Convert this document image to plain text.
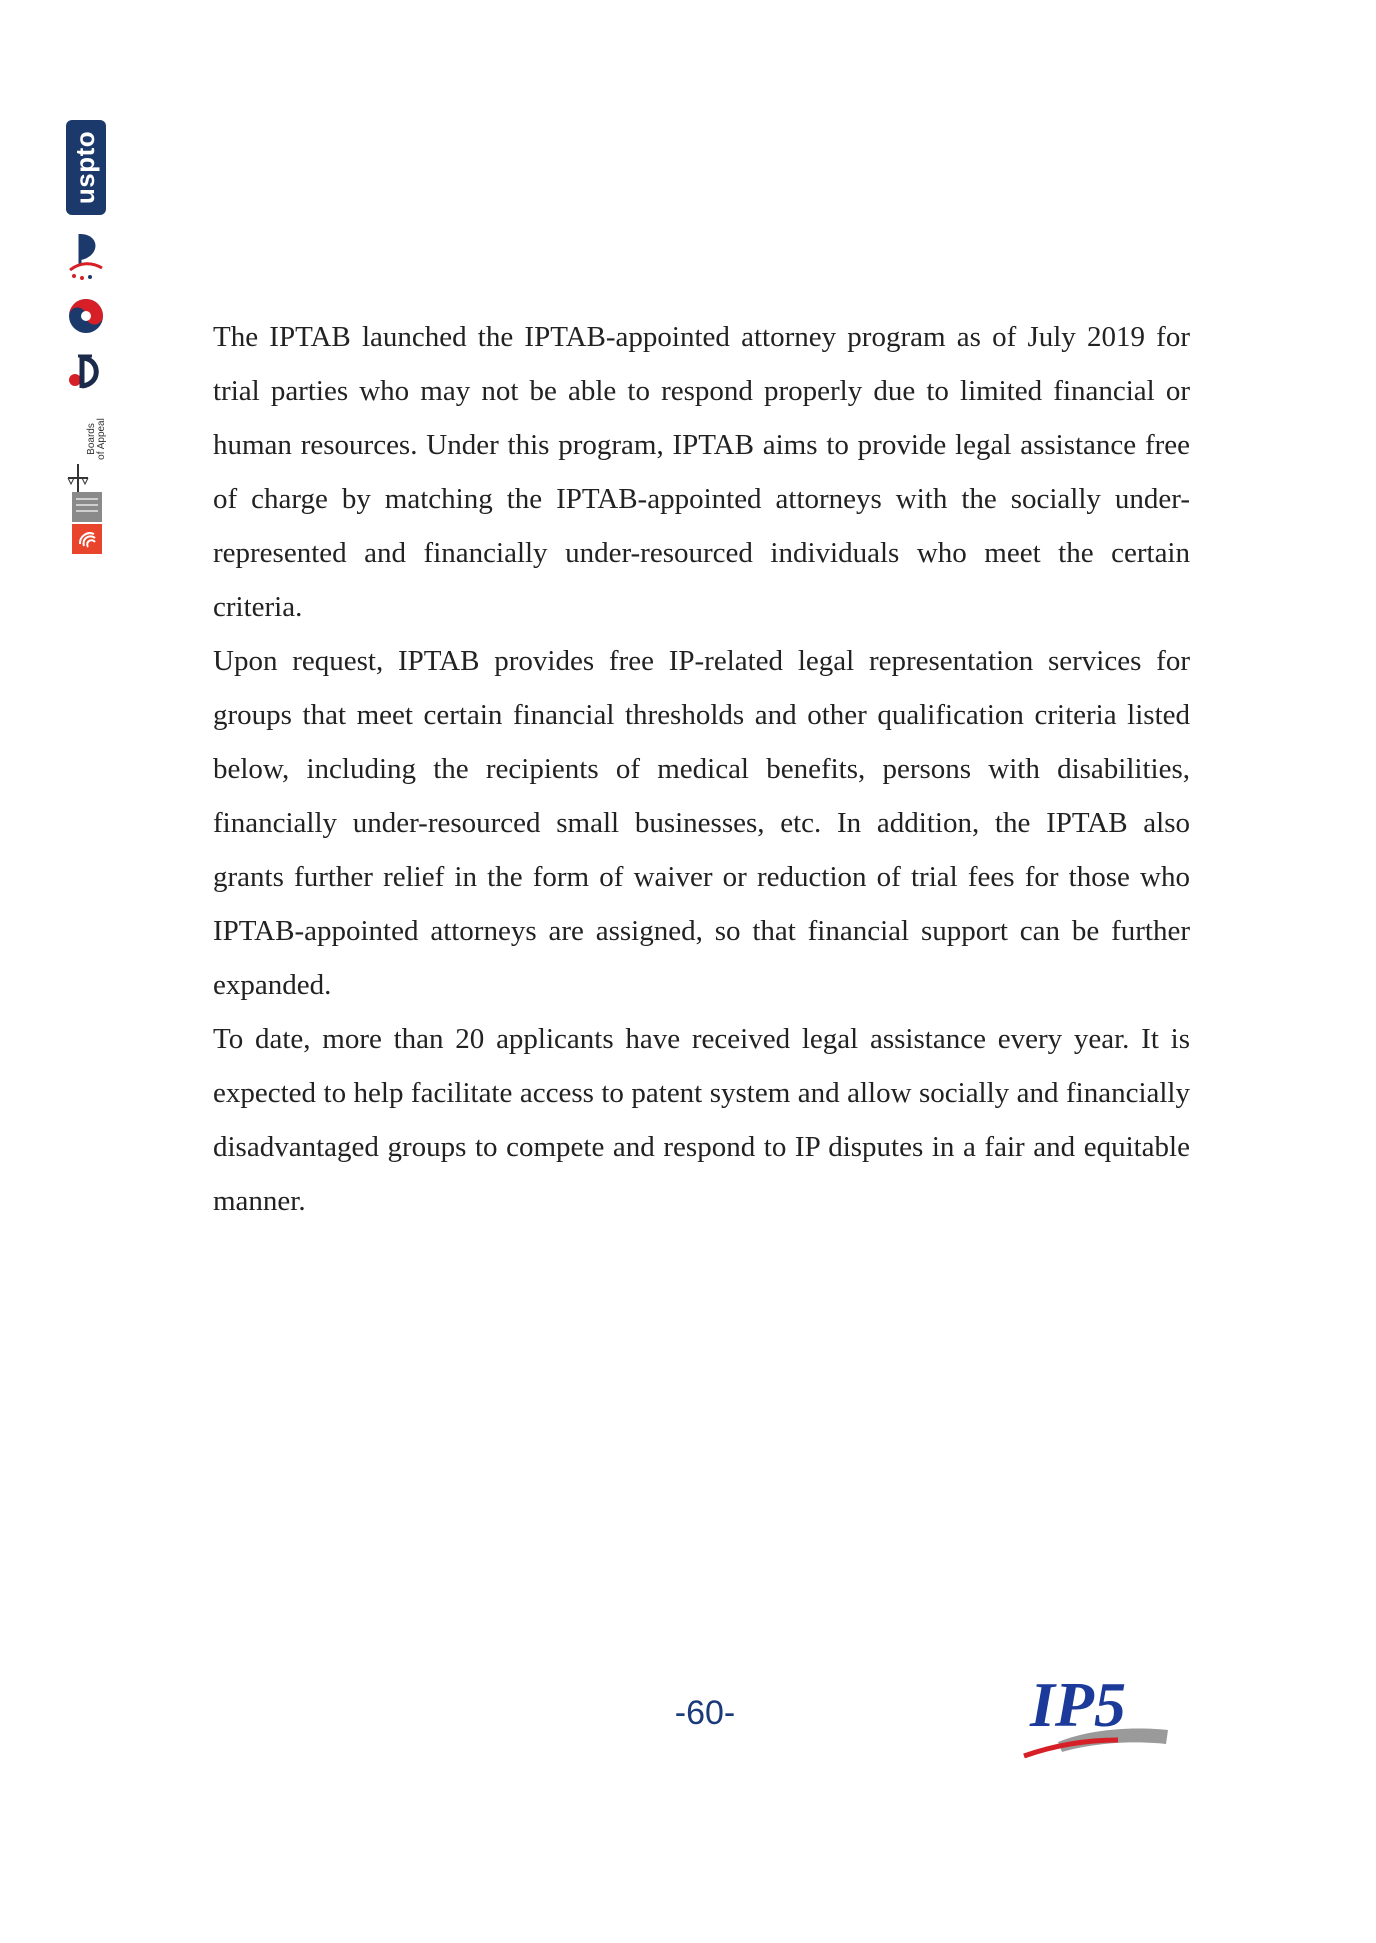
uspto
Boards of Appeal

The IPTAB launched the IPTAB-appointed attorney program as of July 2019 for trial parties who may not be able to respond properly due to limited financial or human resources. Under this program, IPTAB aims to provide legal assistance free of charge by matching the IPTAB-appointed attorneys with the socially under-represented and financially under-resourced individuals who meet the certain criteria.

Upon request, IPTAB provides free IP-related legal representation services for groups that meet certain financial thresholds and other qualification criteria listed below, including the recipients of medical benefits, persons with disabilities, financially under-resourced small businesses, etc. In addition, the IPTAB also grants further relief in the form of waiver or reduction of trial fees for those who IPTAB-appointed attorneys are assigned, so that financial support can be further expanded.

To date, more than 20 applicants have received legal assistance every year. It is expected to help facilitate access to patent system and allow socially and financially disadvantaged groups to compete and respond to IP disputes in a fair and equitable manner.

-60-	IP5
